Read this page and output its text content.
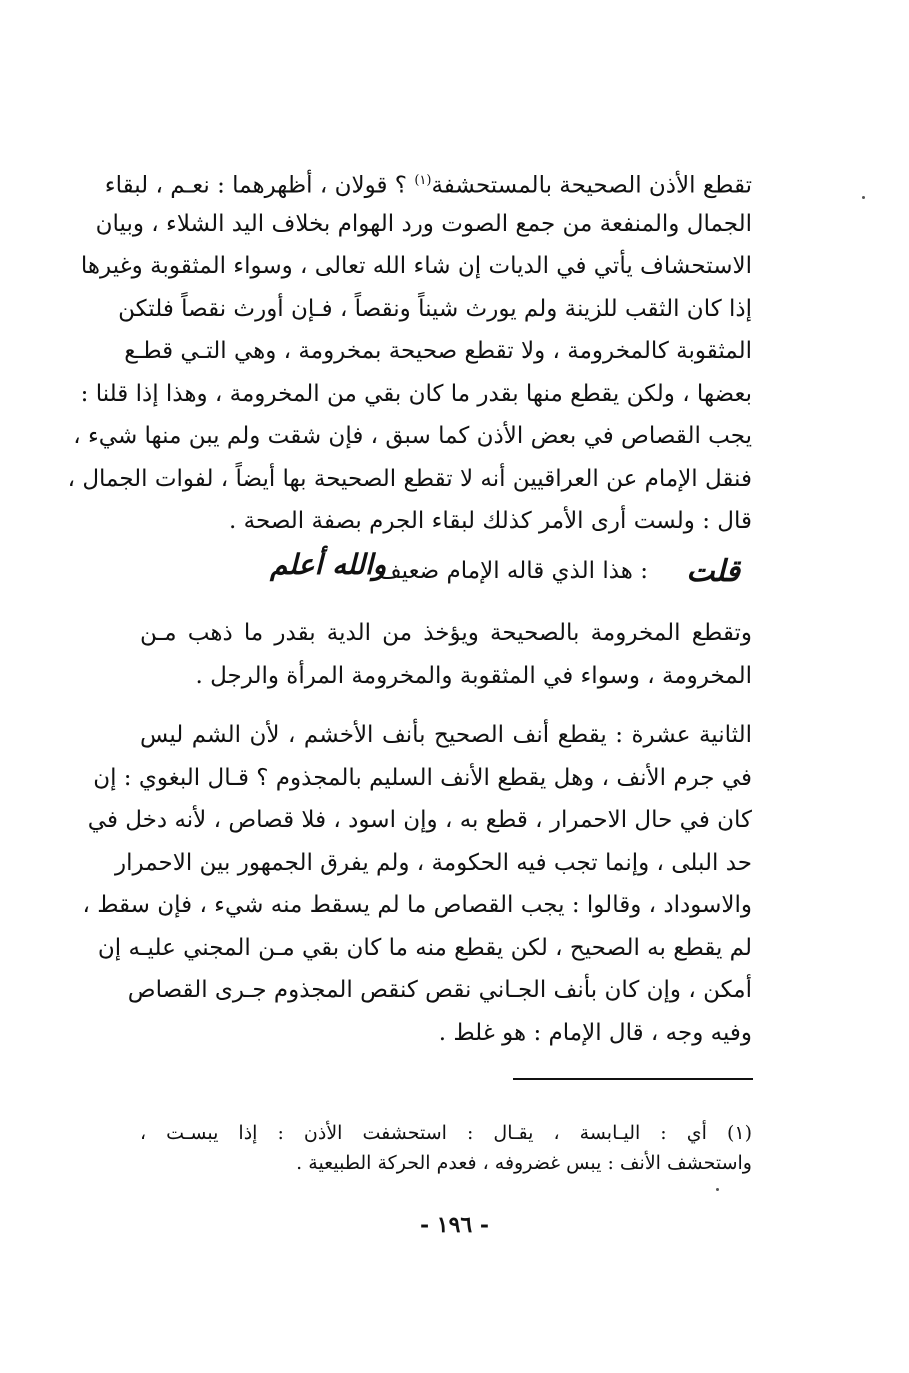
تقطع الأذن الصحيحة بالمستحشفة$^{(١)}$ ؟ قولان ، أظهرهما : نعـم ، لبقاء
الجمال والمنفعة من جمع الصوت ورد الهوام بخلاف اليد الشلاء ، وبيان
الاستحشاف يأتي في الديات إن شاء الله تعالى ، وسواء المثقوبة وغيرها
إذا كان الثقب للزينة ولم يورث شيناً ونقصاً ، فـإن أورث نقصاً فلتكن
المثقوبة كالمخرومة ، ولا تقطع صحيحة بمخرومة ، وهي التـي قطـع
بعضها ، ولكن يقطع منها بقدر ما كان بقي من المخرومة ، وهذا إذا قلنا :
يجب القصاص في بعض الأذن كما سبق ، فإن شقت ولم يبن منها شيء ،
فنقل الإمام عن العراقيين أنه لا تقطع الصحيحة بها أيضاً ، لفوات الجمال ،
قال : ولست أرى الأمر كذلك لبقاء الجرم بصفة الصحة .
قلت
: هذا الذي قاله الإمام ضعيف
والله أعلم
وتقطع المخرومة بالصحيحة ويؤخذ من الدية بقدر ما ذهب مـن
المخرومة ، وسواء في المثقوبة والمخرومة المرأة والرجل .
الثانية عشرة : يقطع أنف الصحيح بأنف الأخشم ، لأن الشم ليس
في جرم الأنف ، وهل يقطع الأنف السليم بالمجذوم ؟ قـال البغوي : إن
كان في حال الاحمرار ، قطع به ، وإن اسود ، فلا قصاص ، لأنه دخل في
حد البلى ، وإنما تجب فيه الحكومة ، ولم يفرق الجمهور بين الاحمرار
والاسوداد ، وقالوا : يجب القصاص ما لم يسقط منه شيء ، فإن سقط ،
لم يقطع به الصحيح ، لكن يقطع منه ما كان بقي مـن المجني عليـه إن
أمكن ، وإن كان بأنف الجـاني نقص كنقص المجذوم جـرى القصاص
وفيه وجه ، قال الإمام : هو غلط .
(١) أي : اليـابسة ، يقـال : استحشفت الأذن : إذا يبسـت ،
واستحشف الأنف : يبس غضروفه ، فعدم الحركة الطبيعية .
- ١٩٦ -
